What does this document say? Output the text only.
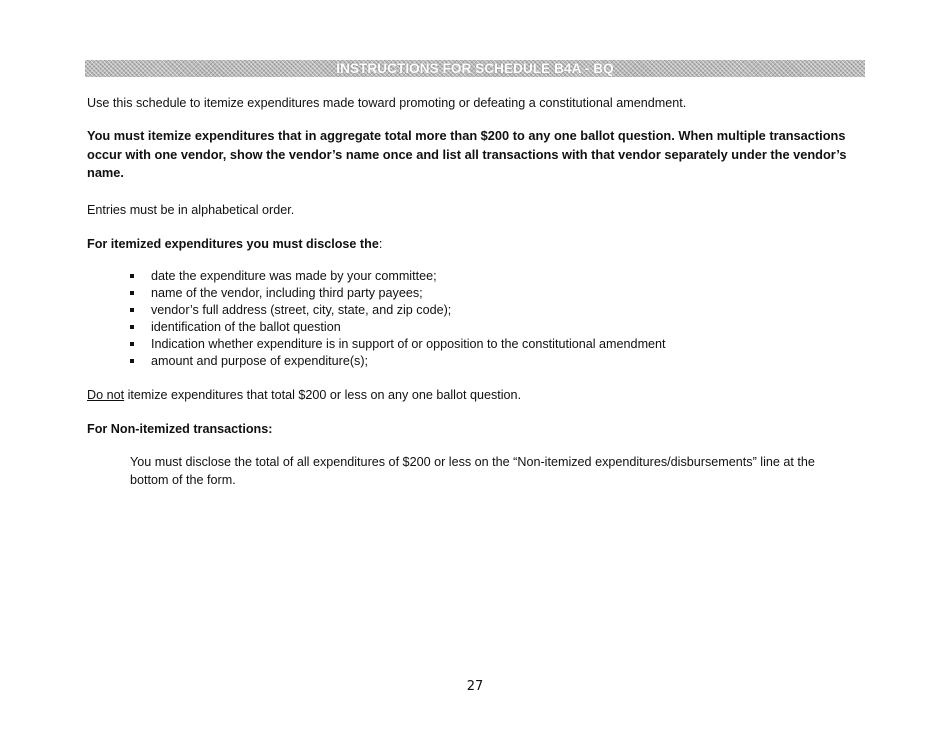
INSTRUCTIONS FOR SCHEDULE B4A - BQ
Use this schedule to itemize expenditures made toward promoting or defeating a constitutional amendment.
You must itemize expenditures that in aggregate total more than $200 to any one ballot question. When multiple transactions occur with one vendor, show the vendor’s name once and list all transactions with that vendor separately under the vendor’s name.
Entries must be in alphabetical order.
For itemized expenditures you must disclose the:
date the expenditure was made by your committee;
name of the vendor, including third party payees;
vendor’s full address (street, city, state, and zip code);
identification of the ballot question
Indication whether expenditure is in support of or opposition to the constitutional amendment
amount and purpose of expenditure(s);
Do not itemize expenditures that total $200 or less on any one ballot question.
For Non-itemized transactions:
You must disclose the total of all expenditures of $200 or less on the “Non-itemized expenditures/disbursements” line at the bottom of the form.
27
